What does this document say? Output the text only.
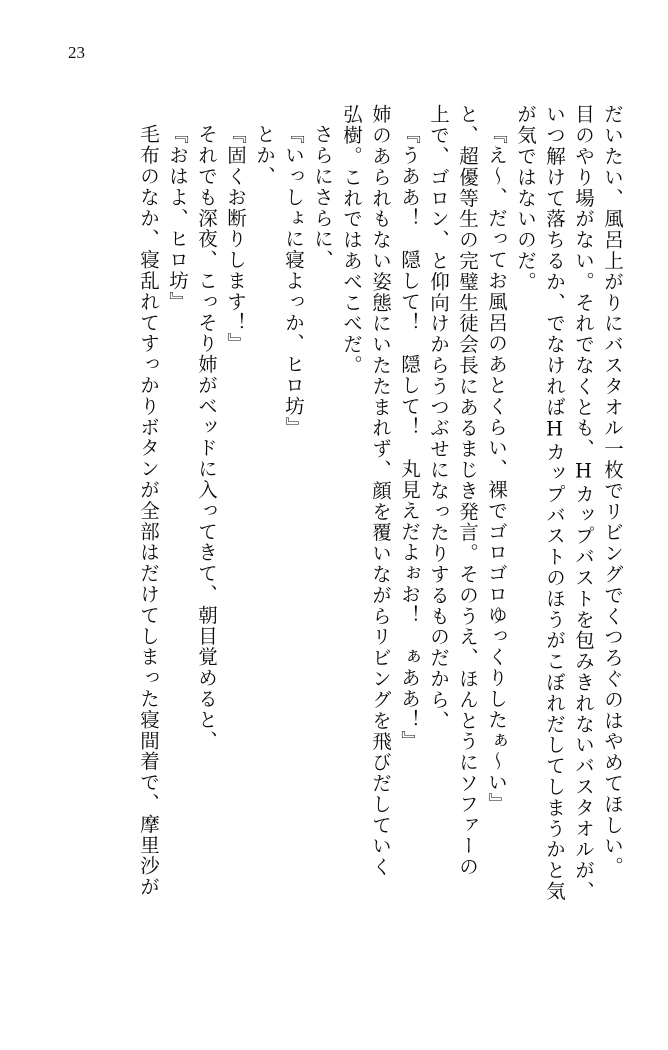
23
だいたい、風呂上がりにバスタオル一枚でリビングでくつろぐのはやめてほしい。
目のやり場がない。それでなくとも、Hカップバストを包みきれないバスタオルが、
いつ解けて落ちるか、でなければHカップバストのほうがこぼれだしてしまうかと気
が気ではないのだ。
『え～、だってお風呂のあとくらい、裸でゴロゴロゆっくりしたぁ～い』
と、超優等生の完璧生徒会長にあるまじき発言。そのうえ、ほんとうにソファーの
上で、ゴロン、と仰向けからうつぶせになったりするものだから、
『うああ！　隠して！　隠して！　丸見えだよぉお！　ぁああ！』
姉のあられもない姿態にいたたまれず、顔を覆いながらリビングを飛びだしていく
弘樹。これではあべこべだ。
さらにさらに、
『いっしょに寝よっか、ヒロ坊』
とか、
『固くお断りします！』
それでも深夜、こっそり姉がベッドに入ってきて、朝目覚めると、
『おはよ、ヒロ坊』
毛布のなか、寝乱れてすっかりボタンが全部はだけてしまった寝間着で、摩里沙が
